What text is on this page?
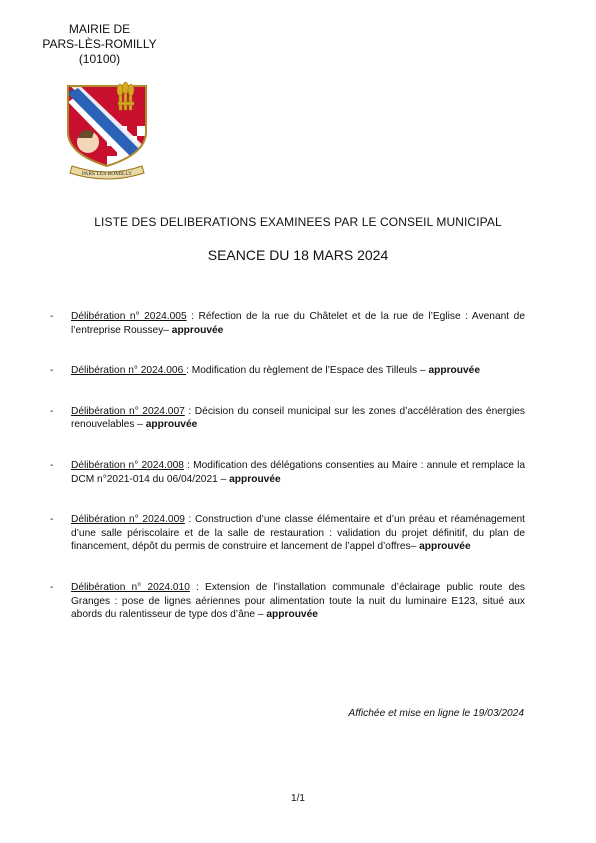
MAIRIE DE
PARS-LÈS-ROMILLY
(10100)
PARS LES ROMILLY
LISTE DES DELIBERATIONS EXAMINEES PAR LE CONSEIL MUNICIPAL
SEANCE DU 18 MARS 2024
- Délibération n° 2024.005 : Réfection de la rue du Châtelet et de la rue de l’Eglise : Avenant de l’entreprise Roussey– approuvée
- Délibération n° 2024.006 : Modification du règlement de l’Espace des Tilleuls – approuvée
- Délibération n° 2024.007 : Décision du conseil municipal sur les zones d’accélération des énergies renouvelables – approuvée
- Délibération n° 2024.008 : Modification des délégations consenties au Maire : annule et remplace la DCM n°2021-014 du 06/04/2021 – approuvée
- Délibération n° 2024.009 : Construction d’une classe élémentaire et d’un préau et réaménagement d’une salle périscolaire et de la salle de restauration : validation du projet définitif, du plan de financement, dépôt du permis de construire et lancement de l’appel d’offres– approuvée
- Délibération n° 2024.010 : Extension de l’installation communale d’éclairage public route des Granges : pose de lignes aériennes pour alimentation toute la nuit du luminaire E123, situé aux abords du ralentisseur de type dos d’âne – approuvée
Affichée et mise en ligne le 19/03/2024
1/1
